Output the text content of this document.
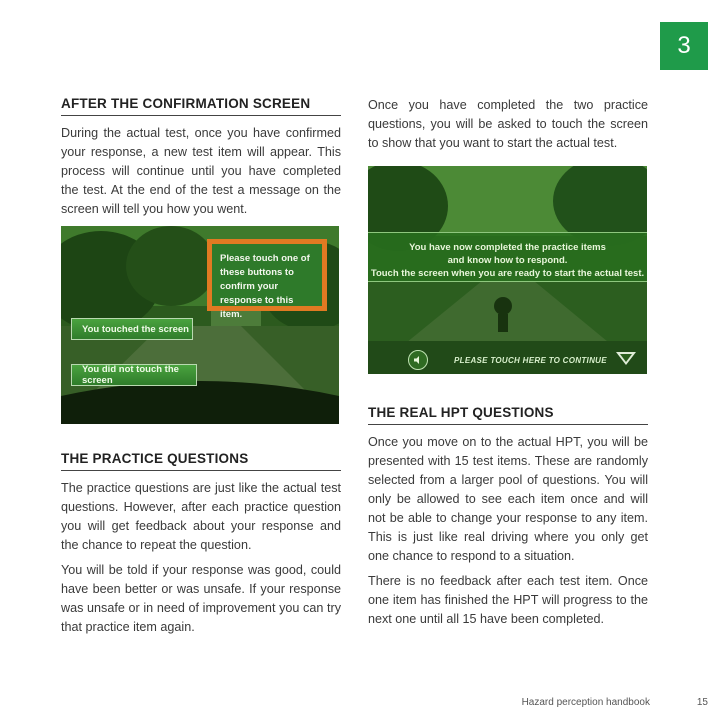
3
AFTER THE CONFIRMATION SCREEN

During the actual test, once you have confirmed your response, a new test item will appear. This process will continue until you have completed the test. At the end of the test a message on the screen will tell you how you went.

Please touch one of these buttons to confirm your response to this item.
You touched the screen
You did not touch the screen
THE PRACTICE QUESTIONS

The practice questions are just like the actual test questions. However, after each practice question you will get feedback about your response and the chance to repeat the question.

You will be told if your response was good, could have been better or was unsafe. If your response was unsafe or in need of improvement you can try that practice item again.

Once you have completed the two practice questions, you will be asked to touch the screen to show that you want to start the actual test.

You have now completed the practice items
and know how to respond.
Touch the screen when you are ready to start the actual test.
PLEASE TOUCH HERE TO CONTINUE
THE REAL HPT QUESTIONS

Once you move on to the actual HPT, you will be presented with 15 test items. These are randomly selected from a larger pool of questions. You will only be allowed to see each item once and will not be able to change your response to any item. This is just like real driving where you only get one chance to respond to a situation.

There is no feedback after each test item. Once one item has finished the HPT will progress to the next one until all 15 have been completed.

Hazard perception handbook	15
